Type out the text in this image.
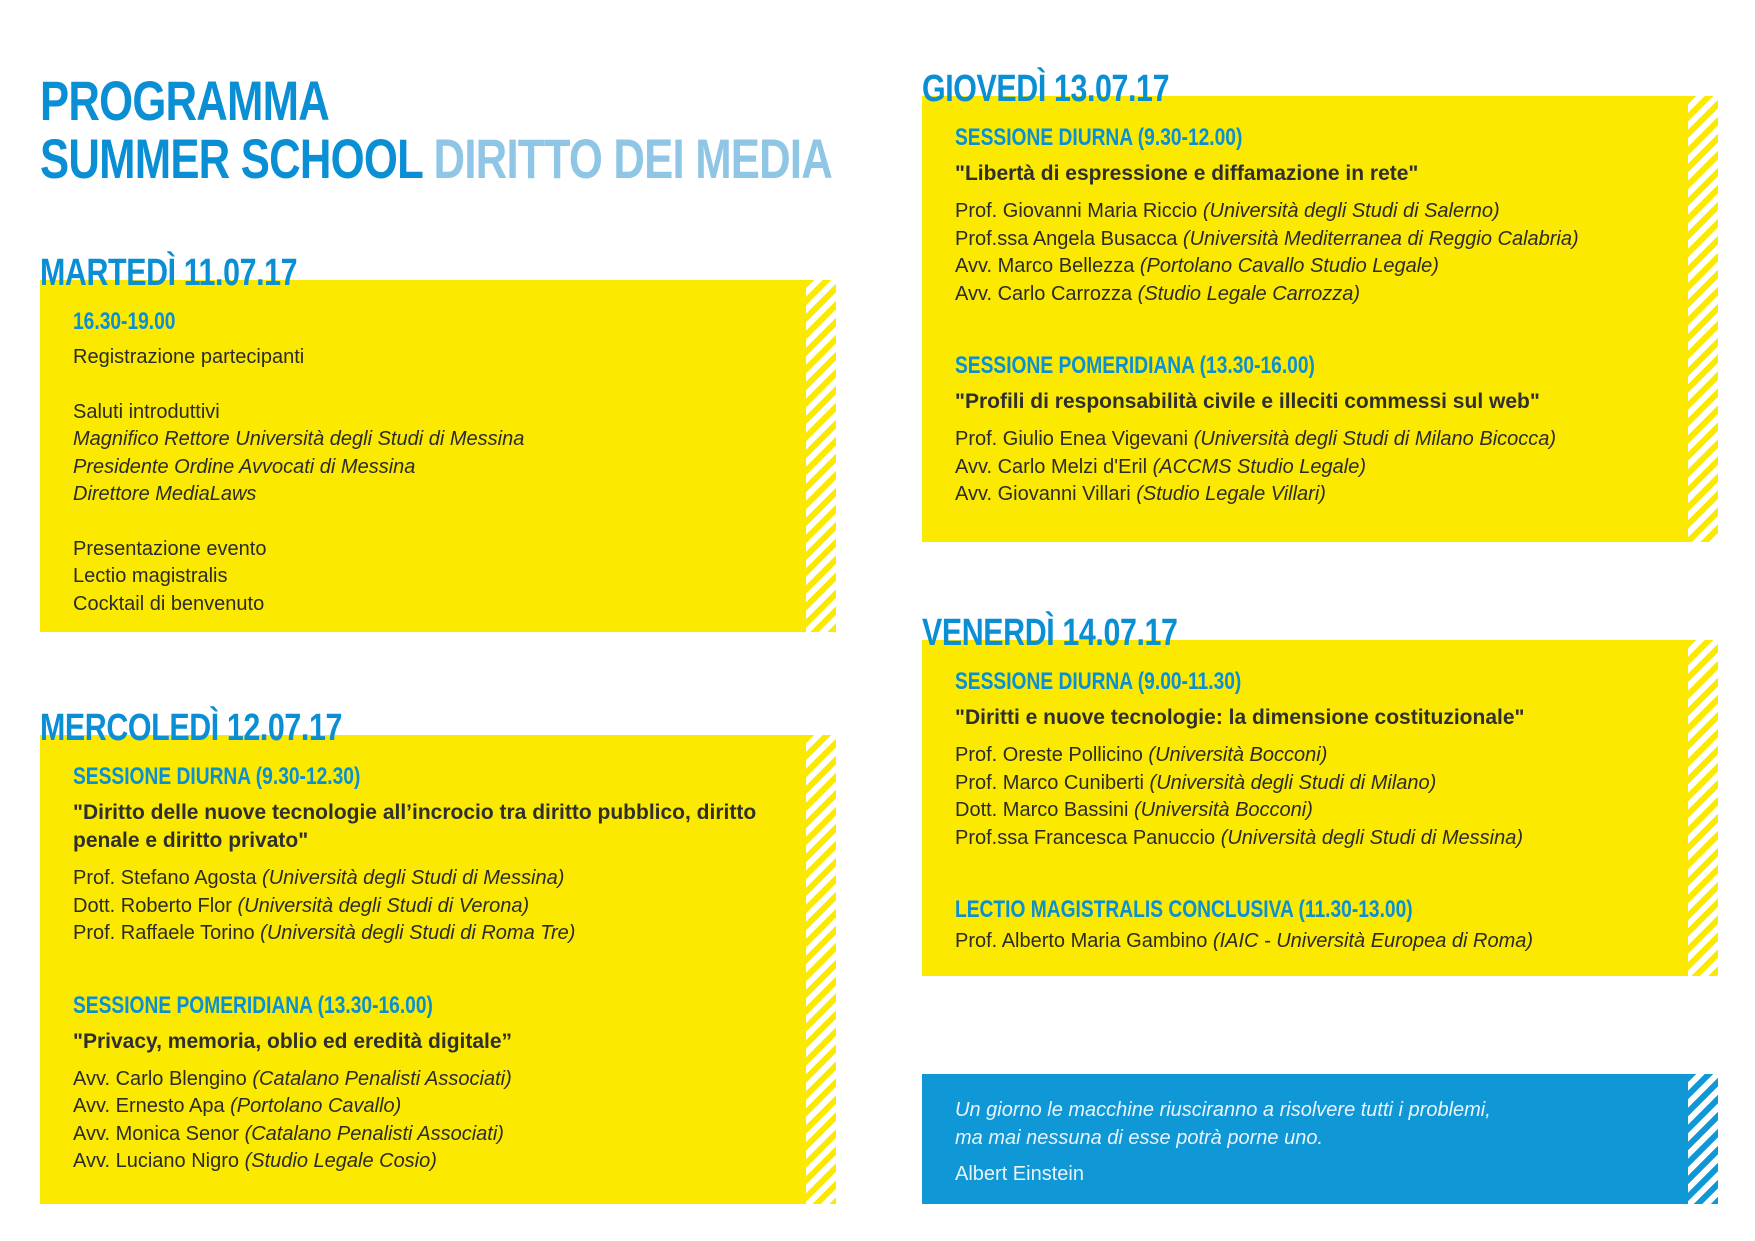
PROGRAMMA
SUMMER SCHOOL DIRITTO DEI MEDIA
MARTEDÌ 11.07.17
16.30-19.00
Registrazione partecipanti
Saluti introduttivi
Magnifico Rettore Università degli Studi di Messina
Presidente Ordine Avvocati di Messina
Direttore MediaLaws
Presentazione evento
Lectio magistralis
Cocktail di benvenuto
MERCOLEDÌ 12.07.17
SESSIONE DIURNA (9.30-12.30)
"Diritto delle nuove tecnologie all’incrocio tra diritto pubblico, diritto penale e diritto privato"
Prof. Stefano Agosta (Università degli Studi di Messina)
Dott. Roberto Flor (Università degli Studi di Verona)
Prof. Raffaele Torino (Università degli Studi di Roma Tre)
SESSIONE POMERIDIANA (13.30-16.00)
"Privacy, memoria, oblio ed eredità digitale”
Avv. Carlo Blengino (Catalano Penalisti Associati)
Avv. Ernesto Apa (Portolano Cavallo)
Avv. Monica Senor (Catalano Penalisti Associati)
Avv. Luciano Nigro (Studio Legale Cosio)
GIOVEDÌ 13.07.17
SESSIONE DIURNA (9.30-12.00)
"Libertà di espressione e diffamazione in rete"
Prof. Giovanni Maria Riccio (Università degli Studi di Salerno)
Prof.ssa Angela Busacca (Università Mediterranea di Reggio Calabria)
Avv. Marco Bellezza (Portolano Cavallo Studio Legale)
Avv. Carlo Carrozza (Studio Legale Carrozza)
SESSIONE POMERIDIANA (13.30-16.00)
"Profili di responsabilità civile e illeciti commessi sul web"
Prof. Giulio Enea Vigevani (Università degli Studi di Milano Bicocca)
Avv. Carlo Melzi d'Eril (ACCMS Studio Legale)
Avv. Giovanni Villari (Studio Legale Villari)
VENERDÌ 14.07.17
SESSIONE DIURNA (9.00-11.30)
"Diritti e nuove tecnologie: la dimensione costituzionale"
Prof. Oreste Pollicino (Università Bocconi)
Prof. Marco Cuniberti (Università degli Studi di Milano)
Dott. Marco Bassini (Università Bocconi)
Prof.ssa Francesca Panuccio (Università degli Studi di Messina)
LECTIO MAGISTRALIS CONCLUSIVA (11.30-13.00)
Prof. Alberto Maria Gambino (IAIC - Università Europea di Roma)
Un giorno le macchine riusciranno a risolvere tutti i problemi,
ma mai nessuna di esse potrà porne uno.
Albert Einstein
